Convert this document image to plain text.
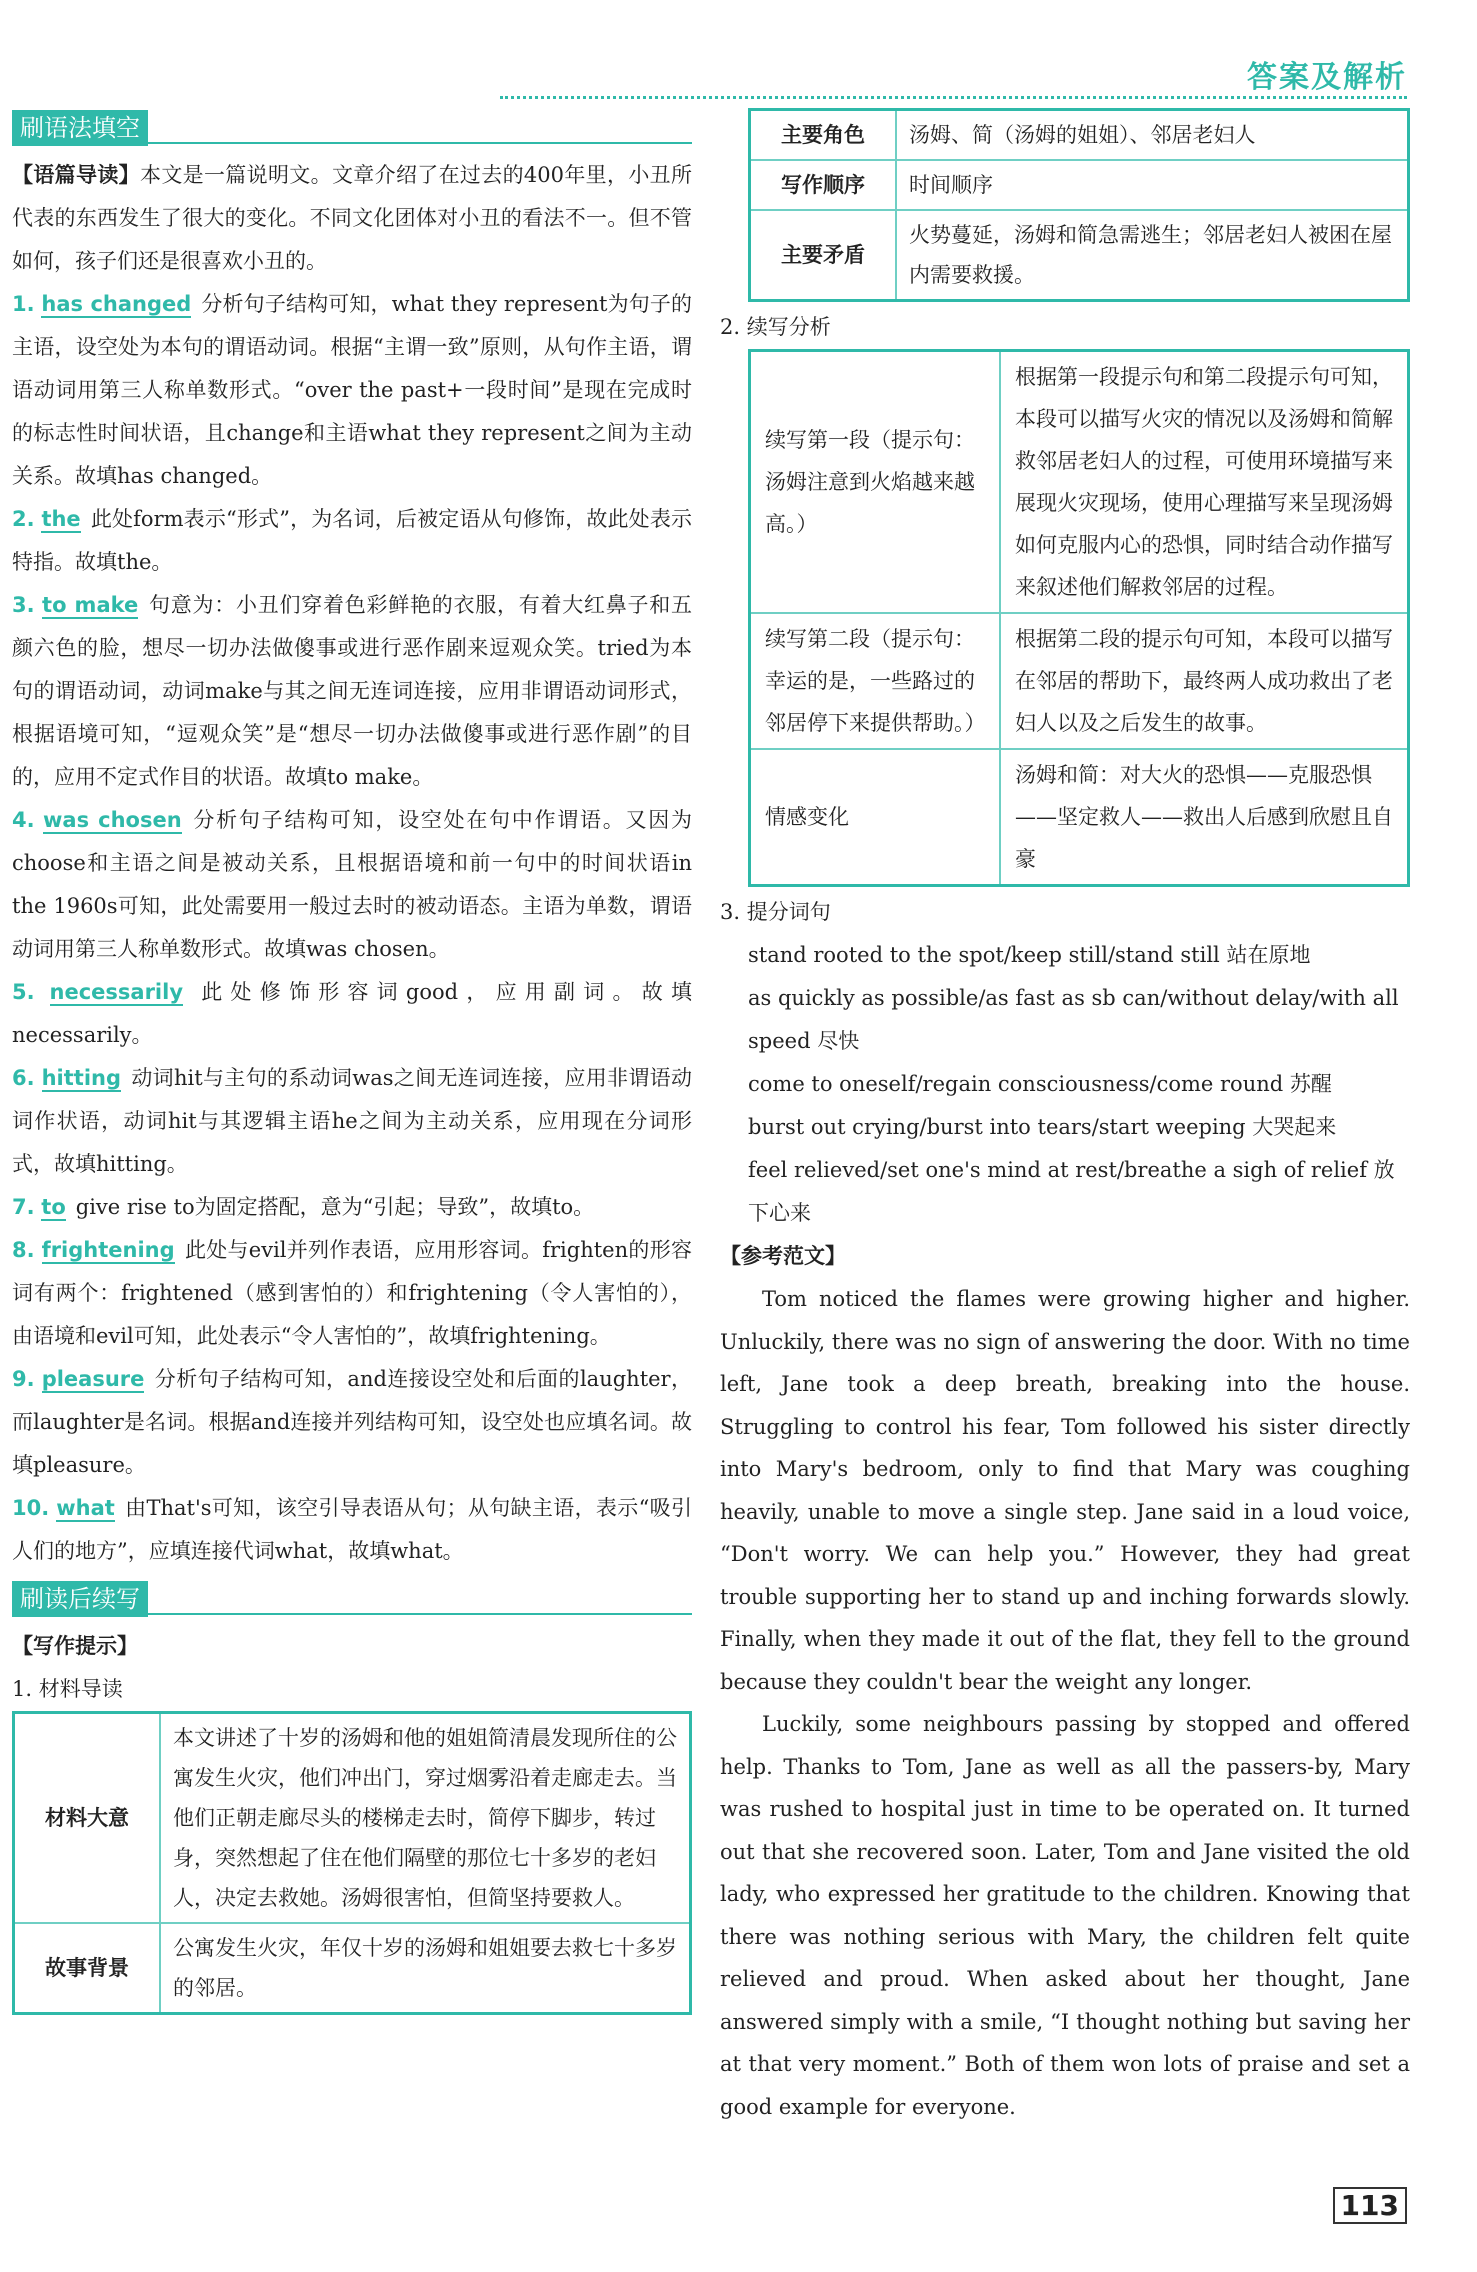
答案及解析
刷语法填空
【语篇导读】本文是一篇说明文。文章介绍了在过去的400年里，小丑所代表的东西发生了很大的变化。不同文化团体对小丑的看法不一。但不管如何，孩子们还是很喜欢小丑的。
1. has changed 分析句子结构可知，what they represent为句子的主语，设空处为本句的谓语动词。根据“主谓一致”原则，从句作主语，谓语动词用第三人称单数形式。“over the past+一段时间”是现在完成时的标志性时间状语，且change和主语what they represent之间为主动关系。故填has changed。
2. the 此处form表示“形式”，为名词，后被定语从句修饰，故此处表示特指。故填the。
3. to make 句意为：小丑们穿着色彩鲜艳的衣服，有着大红鼻子和五颜六色的脸，想尽一切办法做傻事或进行恶作剧来逗观众笑。tried为本句的谓语动词，动词make与其之间无连词连接，应用非谓语动词形式，根据语境可知，“逗观众笑”是“想尽一切办法做傻事或进行恶作剧”的目的，应用不定式作目的状语。故填to make。
4. was chosen 分析句子结构可知，设空处在句中作谓语。又因为choose和主语之间是被动关系，且根据语境和前一句中的时间状语in the 1960s可知，此处需要用一般过去时的被动语态。主语为单数，谓语动词用第三人称单数形式。故填was chosen。
5. necessarily 此处修饰形容词good，应用副词。故填necessarily。
6. hitting 动词hit与主句的系动词was之间无连词连接，应用非谓语动词作状语，动词hit与其逻辑主语he之间为主动关系，应用现在分词形式，故填hitting。
7. to give rise to为固定搭配，意为“引起；导致”，故填to。
8. frightening 此处与evil并列作表语，应用形容词。frighten的形容词有两个：frightened（感到害怕的）和frightening（令人害怕的），由语境和evil可知，此处表示“令人害怕的”，故填frightening。
9. pleasure 分析句子结构可知，and连接设空处和后面的laughter，而laughter是名词。根据and连接并列结构可知，设空处也应填名词。故填pleasure。
10. what 由That's可知，该空引导表语从句；从句缺主语，表示“吸引人们的地方”，应填连接代词what，故填what。
刷读后续写
【写作提示】
1. 材料导读
材料大意	本文讲述了十岁的汤姆和他的姐姐简清晨发现所住的公寓发生火灾，他们冲出门，穿过烟雾沿着走廊走去。当他们正朝走廊尽头的楼梯走去时，简停下脚步，转过身，突然想起了住在他们隔壁的那位七十多岁的老妇人，决定去救她。汤姆很害怕，但简坚持要救人。
故事背景	公寓发生火灾，年仅十岁的汤姆和姐姐要去救七十多岁的邻居。
主要角色	汤姆、简（汤姆的姐姐）、邻居老妇人
写作顺序	时间顺序
主要矛盾	火势蔓延，汤姆和简急需逃生；邻居老妇人被困在屋内需要救援。
2. 续写分析
续写第一段（提示句：汤姆注意到火焰越来越高。）	根据第一段提示句和第二段提示句可知，本段可以描写火灾的情况以及汤姆和简解救邻居老妇人的过程，可使用环境描写来展现火灾现场，使用心理描写来呈现汤姆如何克服内心的恐惧，同时结合动作描写来叙述他们解救邻居的过程。
续写第二段（提示句：幸运的是，一些路过的邻居停下来提供帮助。）	根据第二段的提示句可知，本段可以描写在邻居的帮助下，最终两人成功救出了老妇人以及之后发生的故事。
情感变化	汤姆和简：对大火的恐惧——克服恐惧——坚定救人——救出人后感到欣慰且自豪
3. 提分词句
stand rooted to the spot/keep still/stand still 站在原地
as quickly as possible/as fast as sb can/without delay/with all speed 尽快
come to oneself/regain consciousness/come round 苏醒
burst out crying/burst into tears/start weeping 大哭起来
feel relieved/set one's mind at rest/breathe a sigh of relief 放下心来
【参考范文】

Tom noticed the flames were growing higher and higher. Unluckily, there was no sign of answering the door. With no time left, Jane took a deep breath, breaking into the house. Struggling to control his fear, Tom followed his sister directly into Mary's bedroom, only to find that Mary was coughing heavily, unable to move a single step. Jane said in a loud voice, “Don't worry. We can help you.” However, they had great trouble supporting her to stand up and inching forwards slowly. Finally, when they made it out of the flat, they fell to the ground because they couldn't bear the weight any longer.

Luckily, some neighbours passing by stopped and offered help. Thanks to Tom, Jane as well as all the passers-by, Mary was rushed to hospital just in time to be operated on. It turned out that she recovered soon. Later, Tom and Jane visited the old lady, who expressed her gratitude to the children. Knowing that there was nothing serious with Mary, the children felt quite relieved and proud. When asked about her thought, Jane answered simply with a smile, “I thought nothing but saving her at that very moment.” Both of them won lots of praise and set a good example for everyone.

113
